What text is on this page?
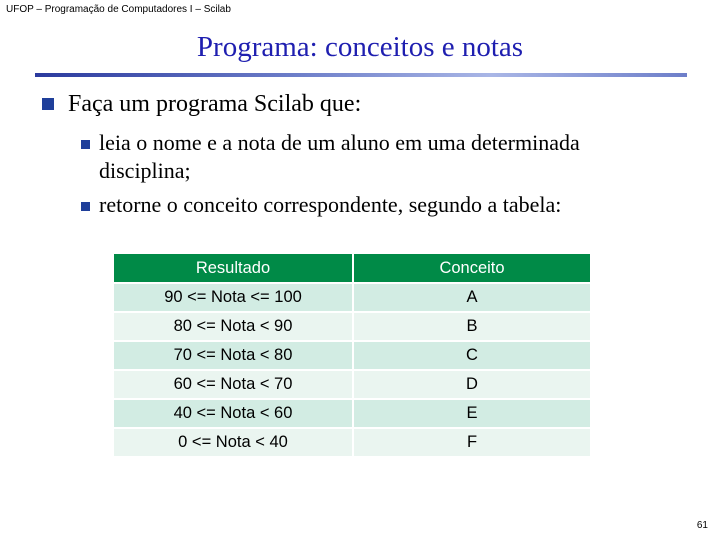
UFOP – Programação de Computadores I – Scilab
Programa: conceitos e notas
Faça um programa Scilab que:
leia o nome e a nota de um aluno em uma determinada
disciplina;
retorne o conceito correspondente, segundo a tabela:
Resultado	Conceito
90 <= Nota <= 100	A
80 <= Nota < 90	B
70 <= Nota < 80	C
60 <= Nota < 70	D
40 <= Nota < 60	E
0 <= Nota < 40	F
61
